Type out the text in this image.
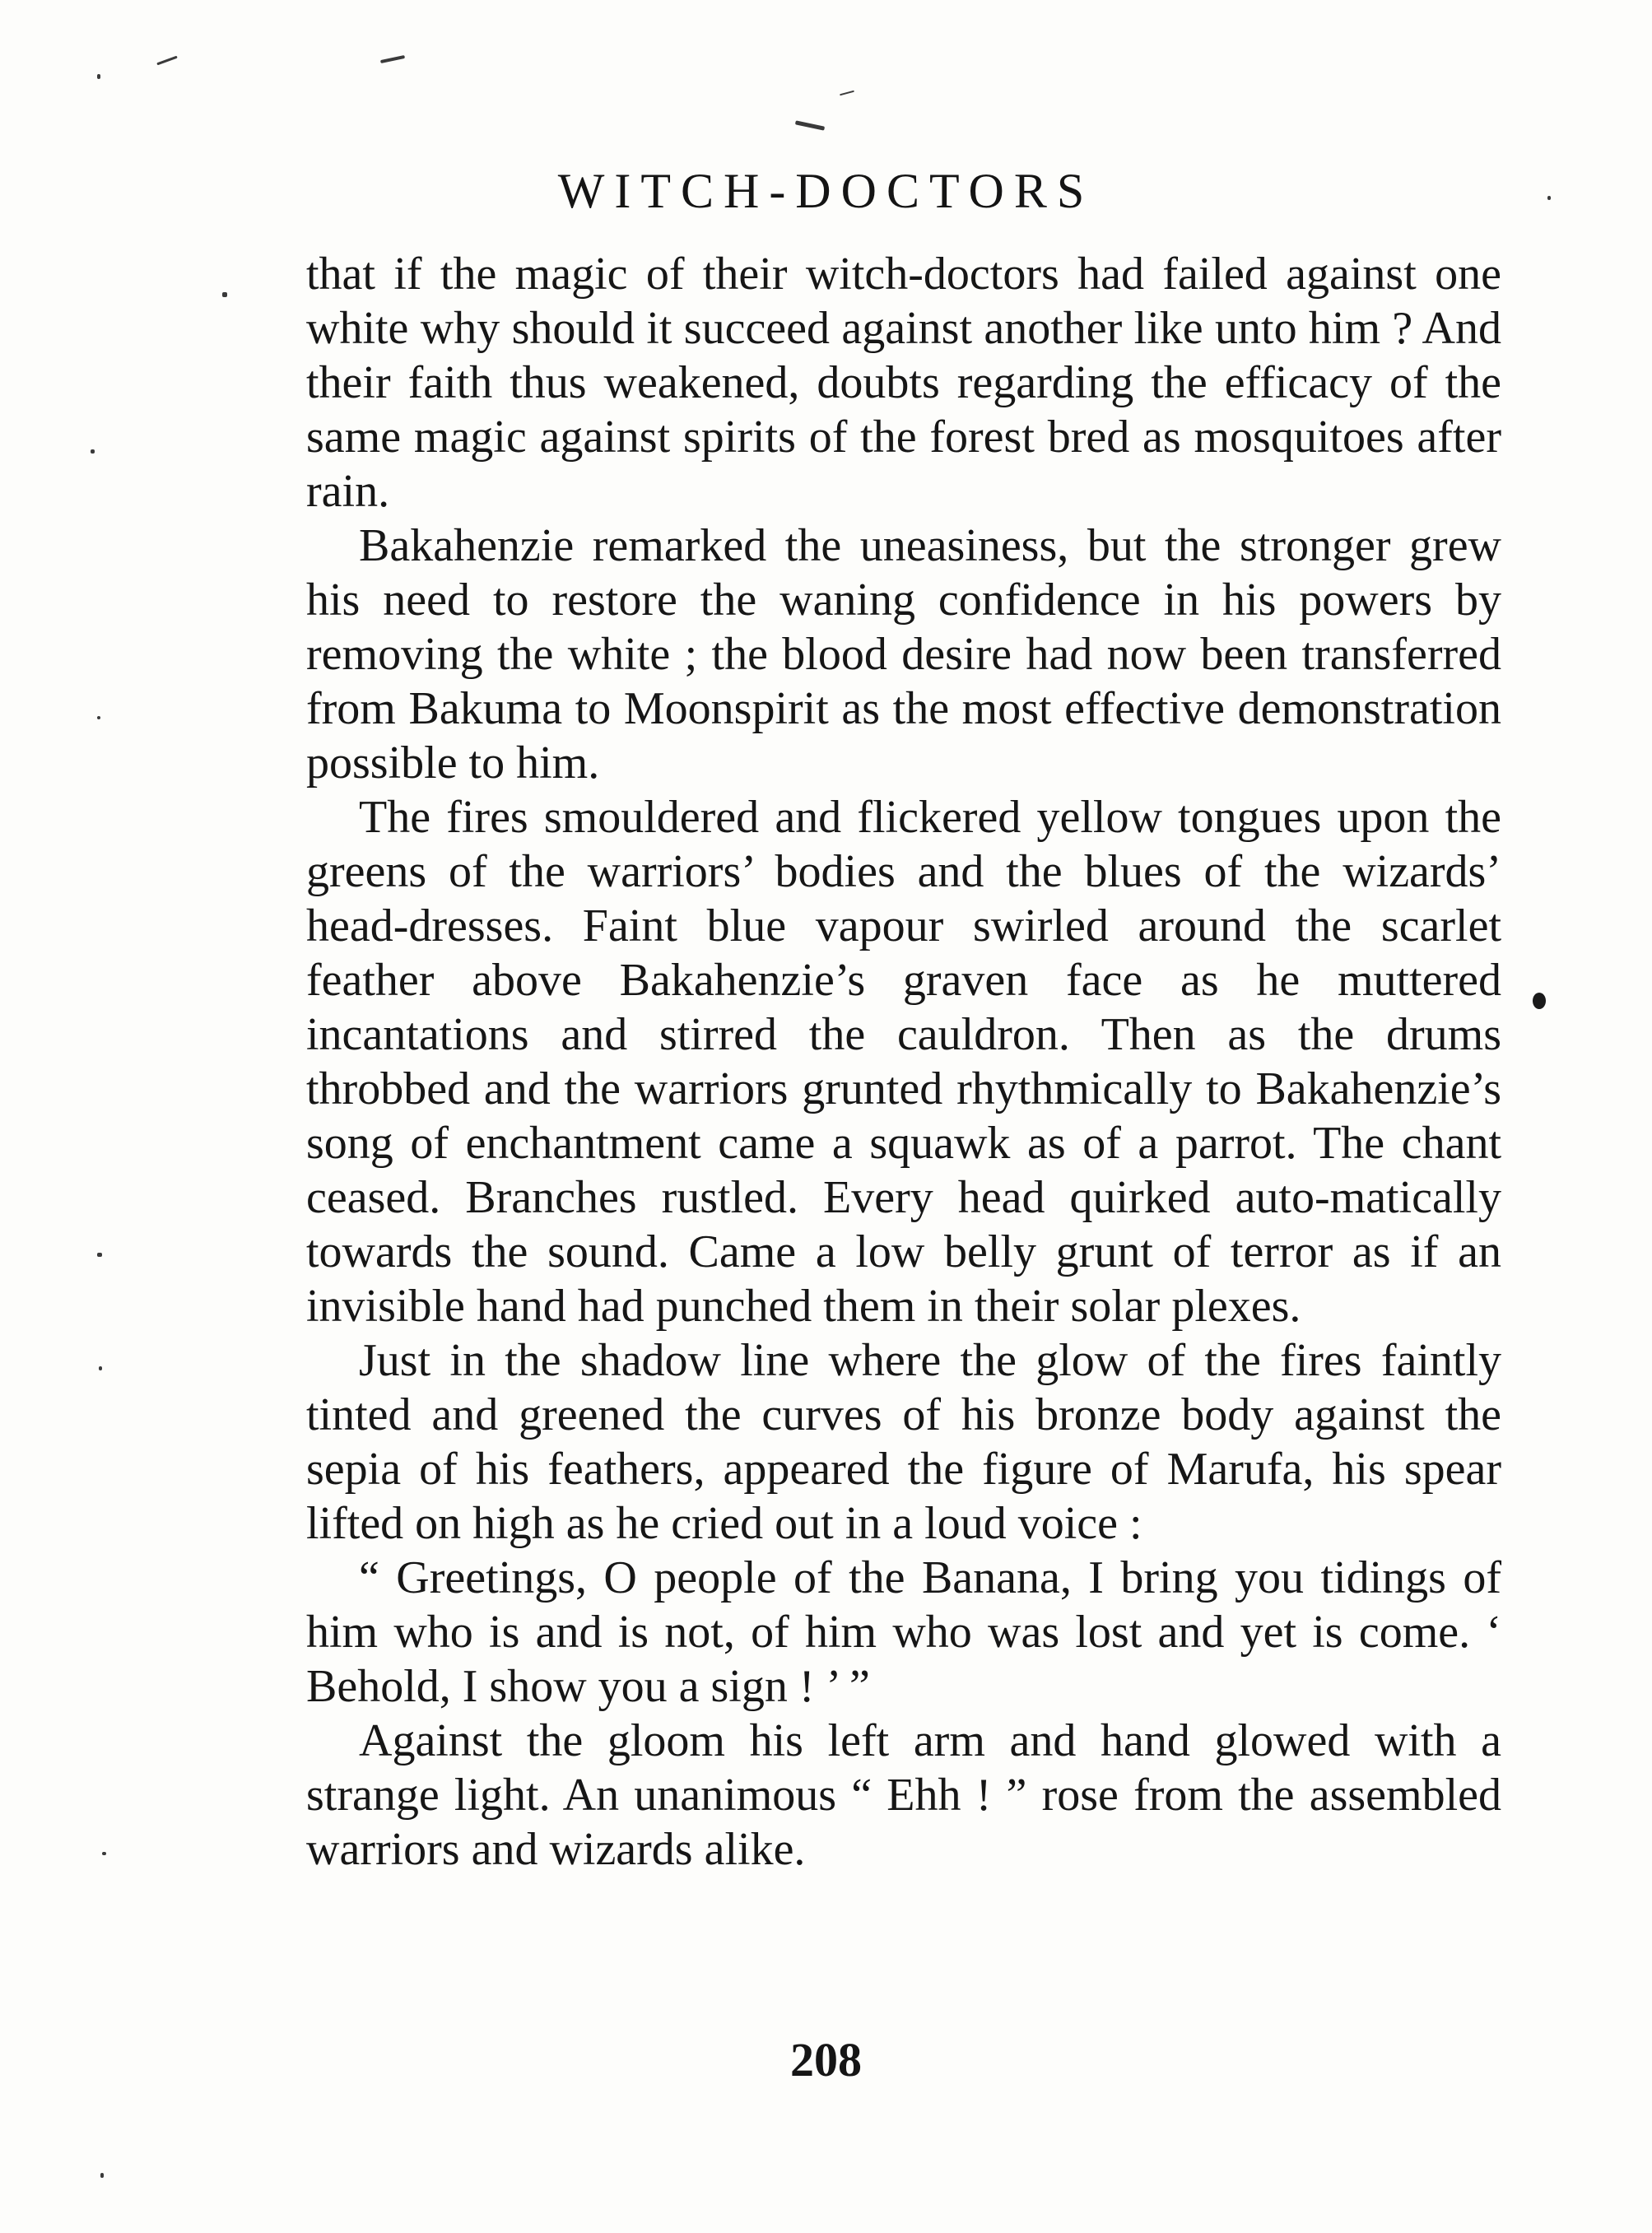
WITCH-DOCTORS

that if the magic of their witch-doctors had failed against one white why should it succeed against another like unto him ? And their faith thus weakened, doubts regarding the efficacy of the same magic against spirits of the forest bred as mosquitoes after rain.

Bakahenzie remarked the uneasiness, but the stronger grew his need to restore the waning confidence in his powers by removing the white ; the blood desire had now been transferred from Bakuma to Moonspirit as the most effective demonstration possible to him.

The fires smouldered and flickered yellow tongues upon the greens of the warriors’ bodies and the blues of the wizards’ head-dresses. Faint blue vapour swirled around the scarlet feather above Bakahenzie’s graven face as he muttered incantations and stirred the cauldron. Then as the drums throbbed and the warriors grunted rhythmically to Bakahenzie’s song of enchantment came a squawk as of a parrot. The chant ceased. Branches rustled. Every head quirked auto-matically towards the sound. Came a low belly grunt of terror as if an invisible hand had punched them in their solar plexes.

Just in the shadow line where the glow of the fires faintly tinted and greened the curves of his bronze body against the sepia of his feathers, appeared the figure of Marufa, his spear lifted on high as he cried out in a loud voice :

“ Greetings, O people of the Banana, I bring you tidings of him who is and is not, of him who was lost and yet is come. ‘ Behold, I show you a sign ! ’ ”

Against the gloom his left arm and hand glowed with a strange light. An unanimous “ Ehh ! ” rose from the assembled warriors and wizards alike.

208
